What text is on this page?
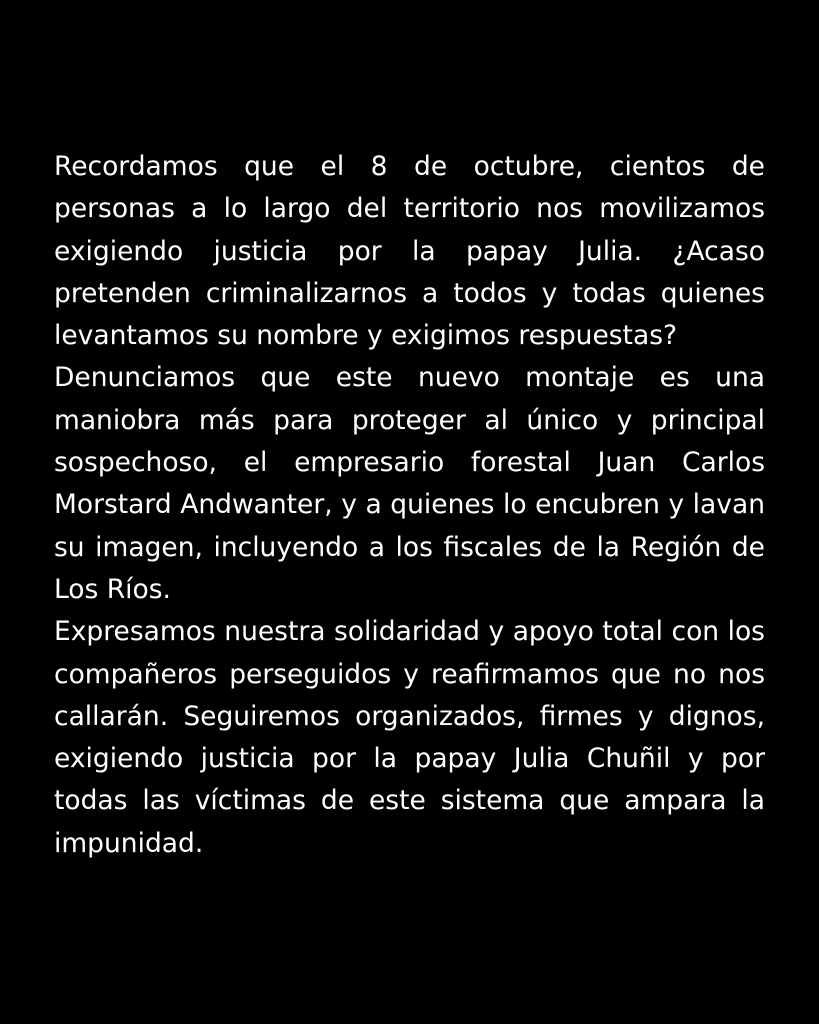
Recordamos que el 8 de octubre, cientos de personas a lo largo del territorio nos movilizamos exigiendo justicia por la papay Julia. ¿Acaso pretenden criminalizarnos a todos y todas quienes levantamos su nombre y exigimos respuestas?

Denunciamos que este nuevo montaje es una maniobra más para proteger al único y principal sospechoso, el empresario forestal Juan Carlos Morstard Andwanter, y a quienes lo encubren y lavan su imagen, incluyendo a los fiscales de la Región de Los Ríos.

Expresamos nuestra solidaridad y apoyo total con los compañeros perseguidos y reafirmamos que no nos callarán. Seguiremos organizados, firmes y dignos, exigiendo justicia por la papay Julia Chuñil y por todas las víctimas de este sistema que ampara la impunidad.
